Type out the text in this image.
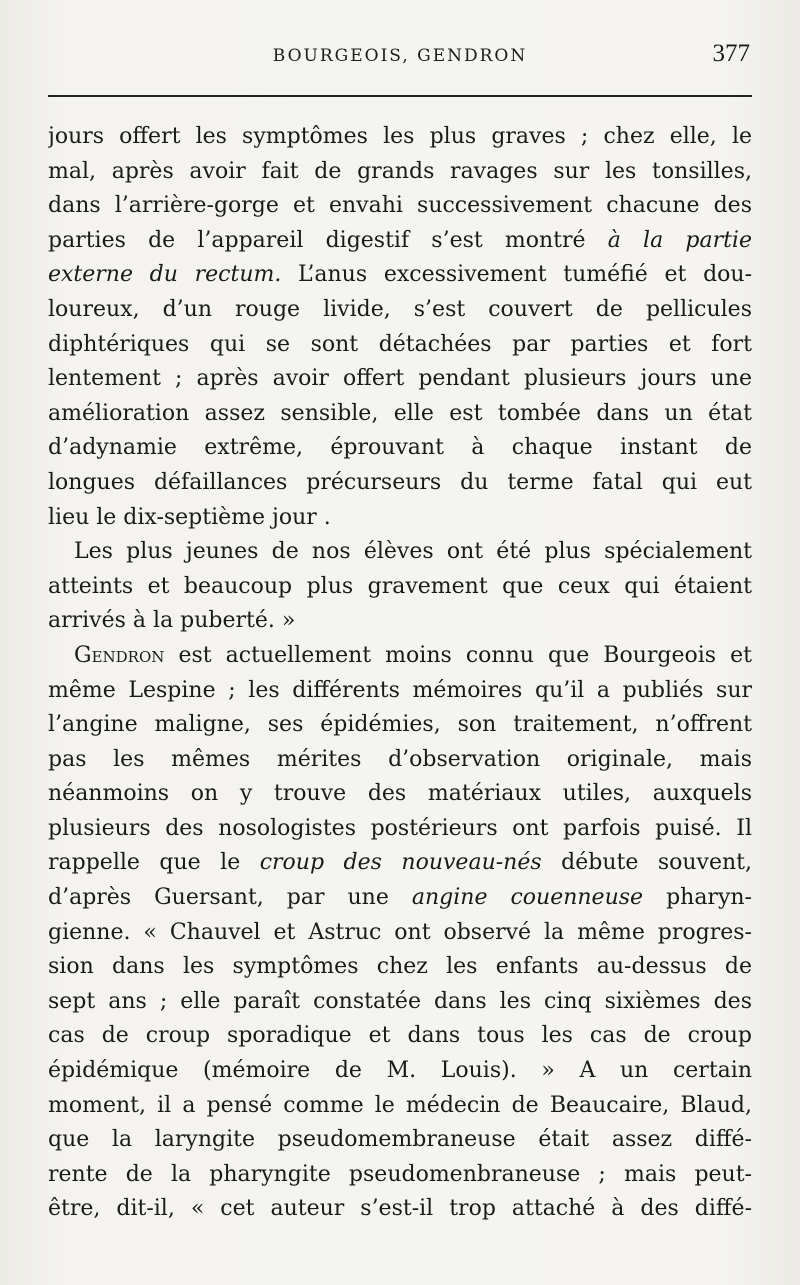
BOURGEOIS, GENDRON	377
jours offert les symptômes les plus graves ; chez elle, le
mal, après avoir fait de grands ravages sur les tonsilles,
dans l’arrière-gorge et envahi successivement chacune des
parties de l’appareil digestif s’est montré à la partie
externe du rectum. L’anus excessivement tuméfié et dou-
loureux, d’un rouge livide, s’est couvert de pellicules
diphtériques qui se sont détachées par parties et fort
lentement ; après avoir offert pendant plusieurs jours une
amélioration assez sensible, elle est tombée dans un état
d’adynamie extrême, éprouvant à chaque instant de
longues défaillances précurseurs du terme fatal qui eut
lieu le dix-septième jour .
Les plus jeunes de nos élèves ont été plus spécialement
atteints et beaucoup plus gravement que ceux qui étaient
arrivés à la puberté. »
Gendron est actuellement moins connu que Bourgeois et
même Lespine ; les différents mémoires qu’il a publiés sur
l’angine maligne, ses épidémies, son traitement, n’offrent
pas les mêmes mérites d’observation originale, mais
néanmoins on y trouve des matériaux utiles, auxquels
plusieurs des nosologistes postérieurs ont parfois puisé. Il
rappelle que le croup des nouveau-nés débute souvent,
d’après Guersant, par une angine couenneuse pharyn-
gienne. « Chauvel et Astruc ont observé la même progres-
sion dans les symptômes chez les enfants au-dessus de
sept ans ; elle paraît constatée dans les cinq sixièmes des
cas de croup sporadique et dans tous les cas de croup
épidémique (mémoire de M. Louis). » A un certain
moment, il a pensé comme le médecin de Beaucaire, Blaud,
que la laryngite pseudomembraneuse était assez diffé-
rente de la pharyngite pseudomenbraneuse ; mais peut-
être, dit-il, « cet auteur s’est-il trop attaché à des diffé-
